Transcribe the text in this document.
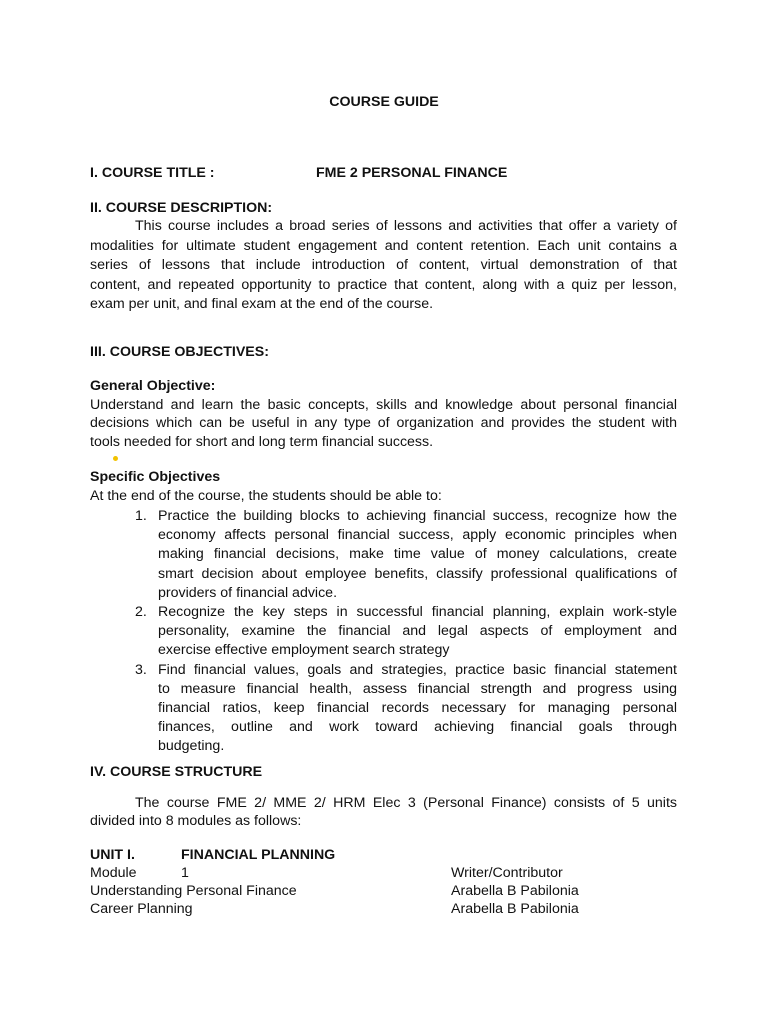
COURSE GUIDE
I. COURSE TITLE :	FME 2 PERSONAL FINANCE
II. COURSE DESCRIPTION:
This course includes a broad series of lessons and activities that offer a variety of
modalities for ultimate student engagement and content retention. Each unit contains a
series of lessons that include introduction of content, virtual demonstration of that
content, and repeated opportunity to practice that content, along with a quiz per lesson,
exam per unit, and final exam at the end of the course.
III. COURSE OBJECTIVES:
General Objective:
Understand and learn the basic concepts, skills and knowledge about personal financial
decisions which can be useful in any type of organization and provides the student with
tools needed for short and long term financial success.
Specific Objectives
At the end of the course, the students should be able to:
1. Practice the building blocks to achieving financial success, recognize how the
economy affects personal financial success, apply economic principles when
making financial decisions, make time value of money calculations, create
smart decision about employee benefits, classify professional qualifications of
providers of financial advice.
2. Recognize the key steps in successful financial planning, explain work-style
personality, examine the financial and legal aspects of employment and
exercise effective employment search strategy
3. Find financial values, goals and strategies, practice basic financial statement
to measure financial health, assess financial strength and progress using
financial ratios, keep financial records necessary for managing personal
finances, outline and work toward achieving financial goals through
budgeting.
IV. COURSE STRUCTURE
The course FME 2/ MME 2/ HRM Elec 3 (Personal Finance) consists of 5 units
divided into 8 modules as follows:
UNIT I.	FINANCIAL PLANNING
Module	1	Writer/Contributor
Understanding Personal Finance	Arabella B Pabilonia
Career Planning	Arabella B Pabilonia
